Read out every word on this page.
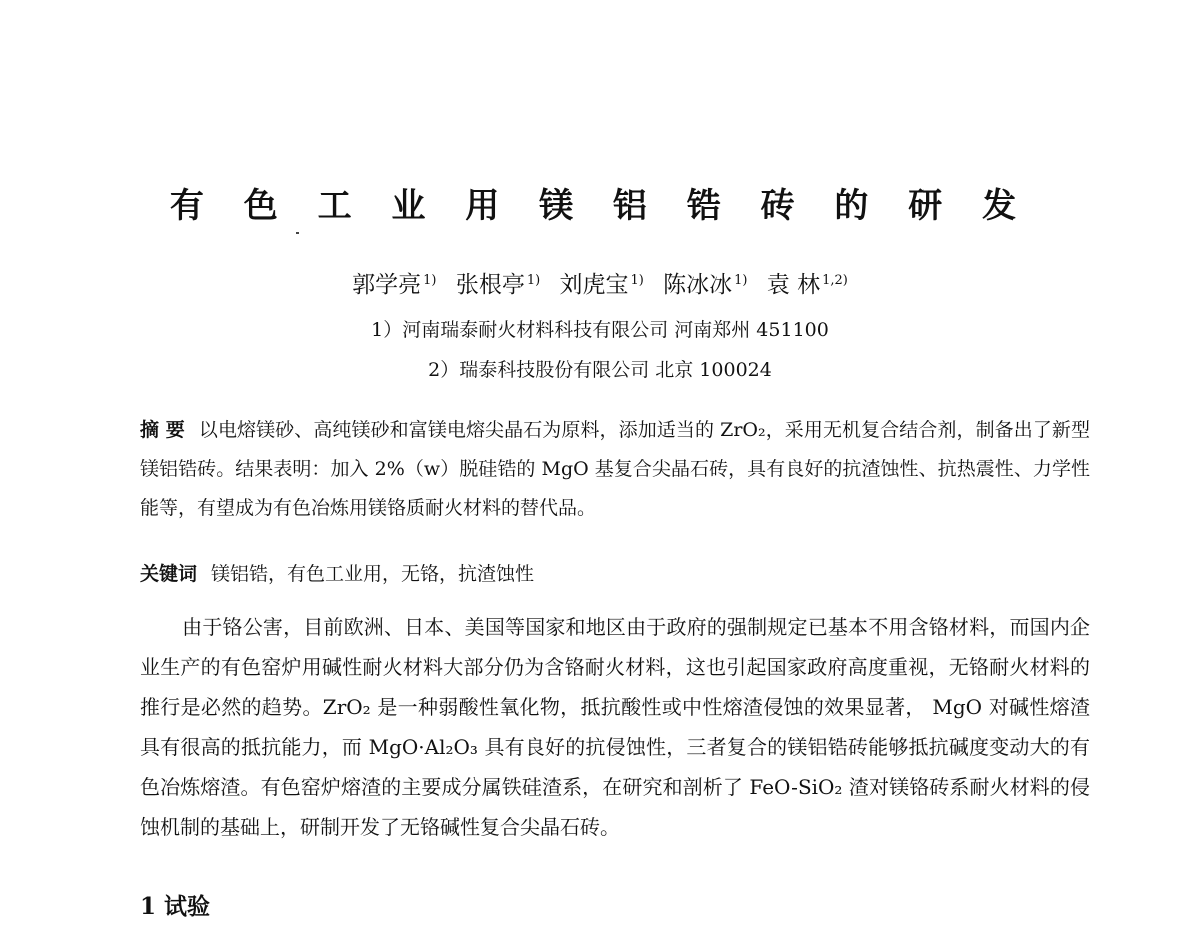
有 色 工 业 用 镁 铝 锆 砖 的 研 发
郭学亮 $^{1)}$ 张根亭 $^{1)}$ 刘虎宝 $^{1)}$ 陈冰冰 $^{1)}$ 袁 林 $^{1,2)}$
1）河南瑞泰耐火材料科技有限公司 河南郑州 451100
2）瑞泰科技股份有限公司 北京 100024
摘 要 以电熔镁砂、高纯镁砂和富镁电熔尖晶石为原料，添加适当的 ZrO₂，采用无机复合结合剂，制备出了新型镁铝锆砖。结果表明：加入 2%（w）脱硅锆的 MgO 基复合尖晶石砖，具有良好的抗渣蚀性、抗热震性、力学性能等，有望成为有色冶炼用镁铬质耐火材料的替代品。
关键词 镁铝锆，有色工业用，无铬，抗渣蚀性
由于铬公害，目前欧洲、日本、美国等国家和地区由于政府的强制规定已基本不用含铬材料，而国内企业生产的有色窑炉用碱性耐火材料大部分仍为含铬耐火材料，这也引起国家政府高度重视，无铬耐火材料的推行是必然的趋势。ZrO₂ 是一种弱酸性氧化物，抵抗酸性或中性熔渣侵蚀的效果显著， MgO 对碱性熔渣具有很高的抵抗能力，而 MgO·Al₂O₃ 具有良好的抗侵蚀性，三者复合的镁铝锆砖能够抵抗碱度变动大的有色冶炼熔渣。有色窑炉熔渣的主要成分属铁硅渣系，在研究和剖析了 FeO-SiO₂ 渣对镁铬砖系耐火材料的侵蚀机制的基础上，研制开发了无铬碱性复合尖晶石砖。
1 试验
